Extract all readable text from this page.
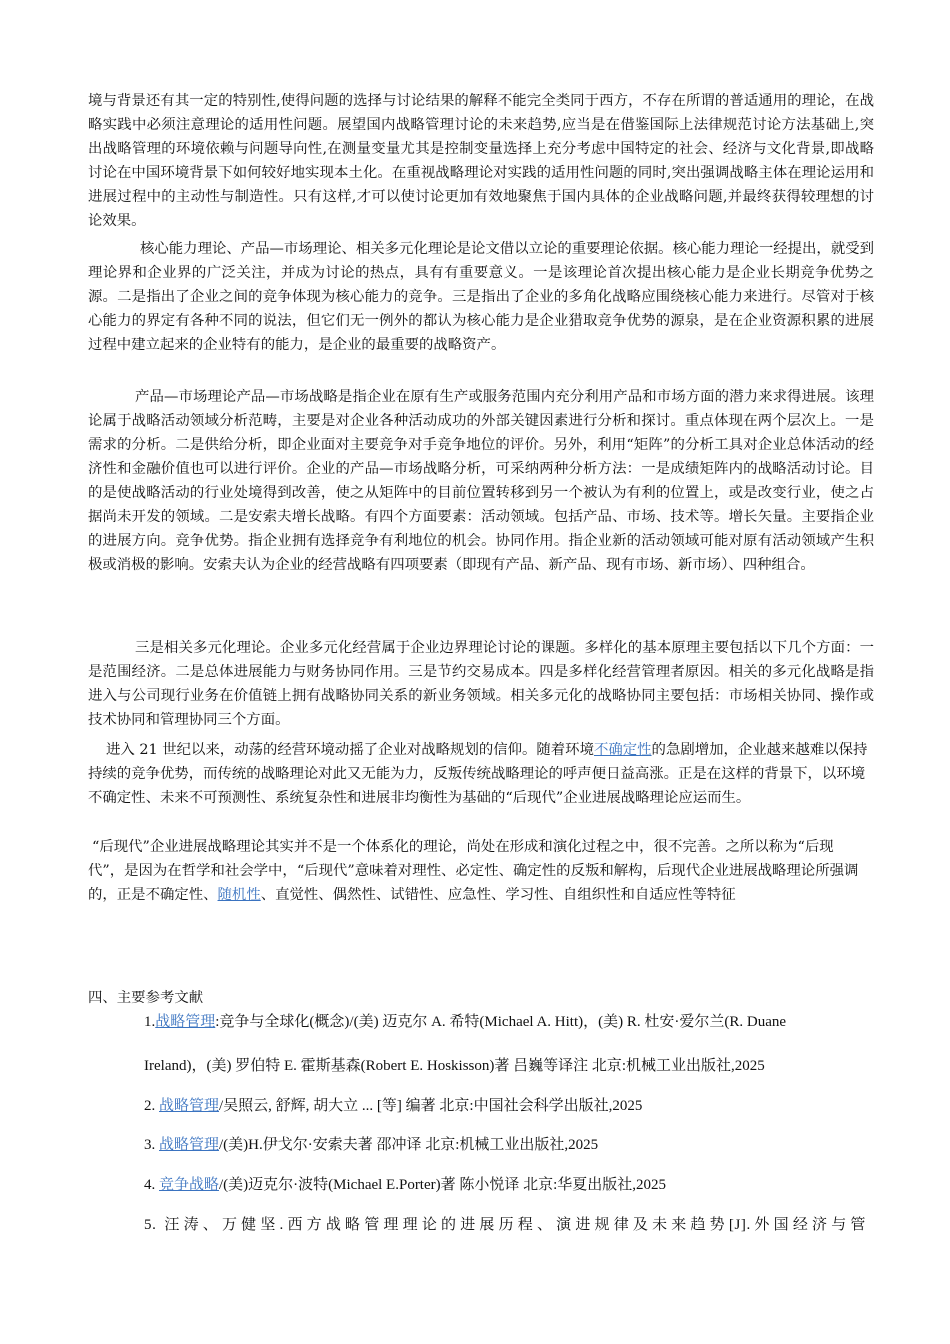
境与背景还有其一定的特别性,使得问题的选择与讨论结果的解释不能完全类同于西方，不存在所谓的普适通用的理论，在战略实践中必须注意理论的适用性问题。展望国内战略管理讨论的未来趋势,应当是在借鉴国际上法律规范讨论方法基础上,突出战略管理的环境依赖与问题导向性,在测量变量尤其是控制变量选择上充分考虑中国特定的社会、经济与文化背景,即战略讨论在中国环境背景下如何较好地实现本土化。在重视战略理论对实践的适用性问题的同时,突出强调战略主体在理论运用和进展过程中的主动性与制造性。只有这样,才可以使讨论更加有效地聚焦于国内具体的企业战略问题,并最终获得较理想的讨论效果。

核心能力理论、产品—市场理论、相关多元化理论是论文借以立论的重要理论依据。核心能力理论一经提出，就受到理论界和企业界的广泛关注，并成为讨论的热点，具有有重要意义。一是该理论首次提出核心能力是企业长期竞争优势之源。二是指出了企业之间的竞争体现为核心能力的竞争。三是指出了企业的多角化战略应围绕核心能力来进行。尽管对于核心能力的界定有各种不同的说法，但它们无一例外的都认为核心能力是企业猎取竞争优势的源泉，是在企业资源积累的进展过程中建立起来的企业特有的能力，是企业的最重要的战略资产。

产品—市场理论产品—市场战略是指企业在原有生产或服务范围内充分利用产品和市场方面的潜力来求得进展。该理论属于战略活动领域分析范畴，主要是对企业各种活动成功的外部关键因素进行分析和探讨。重点体现在两个层次上。一是需求的分析。二是供给分析，即企业面对主要竞争对手竞争地位的评价。另外，利用“矩阵”的分析工具对企业总体活动的经济性和金融价值也可以进行评价。企业的产品—市场战略分析，可采纳两种分析方法：一是成绩矩阵内的战略活动讨论。目的是使战略活动的行业处境得到改善，使之从矩阵中的目前位置转移到另一个被认为有利的位置上，或是改变行业，使之占据尚未开发的领域。二是安索夫增长战略。有四个方面要素：活动领域。包括产品、市场、技术等。增长矢量。主要指企业的进展方向。竞争优势。指企业拥有选择竞争有利地位的机会。协同作用。指企业新的活动领域可能对原有活动领域产生积极或消极的影响。安索夫认为企业的经营战略有四项要素（即现有产品、新产品、现有市场、新市场）、四种组合。

三是相关多元化理论。企业多元化经营属于企业边界理论讨论的课题。多样化的基本原理主要包括以下几个方面：一是范围经济。二是总体进展能力与财务协同作用。三是节约交易成本。四是多样化经营管理者原因。相关的多元化战略是指进入与公司现行业务在价值链上拥有战略协同关系的新业务领域。相关多元化的战略协同主要包括：市场相关协同、操作或技术协同和管理协同三个方面。

进入 21 世纪以来，动荡的经营环境动摇了企业对战略规划的信仰。随着环境不确定性的急剧增加，企业越来越难以保持持续的竞争优势，而传统的战略理论对此又无能为力，反叛传统战略理论的呼声便日益高涨。正是在这样的背景下，以环境不确定性、未来不可预测性、系统复杂性和进展非均衡性为基础的“后现代”企业进展战略理论应运而生。

“后现代”企业进展战略理论其实并不是一个体系化的理论，尚处在形成和演化过程之中，很不完善。之所以称为“后现代”，是因为在哲学和社会学中，“后现代”意味着对理性、必定性、确定性的反叛和解构，后现代企业进展战略理论所强调的，正是不确定性、随机性、直觉性、偶然性、试错性、应急性、学习性、自组织性和自适应性等特征

四、主要参考文献

1.战略管理:竞争与全球化(概念)/(美) 迈克尔 A. 希特(Michael A. Hitt)，(美) R. 杜安·爱尔兰(R. Duane

Ireland)，(美) 罗伯特 E. 霍斯基森(Robert E. Hoskisson)著 吕巍等译注 北京:机械工业出版社,2025

2. 战略管理/吴照云, 舒辉, 胡大立 ... [等] 编著 北京:中国社会科学出版社,2025

3. 战略管理/(美)H.伊戈尔·安索夫著 邵冲译 北京:机械工业出版社,2025

4. 竞争战略/(美)迈克尔·波特(Michael E.Porter)著 陈小悦译 北京:华夏出版社,2025

5. 汪涛、万健坚.西方战略管理理论的进展历程、演进规律及未来趋势[J].外国经济与管
